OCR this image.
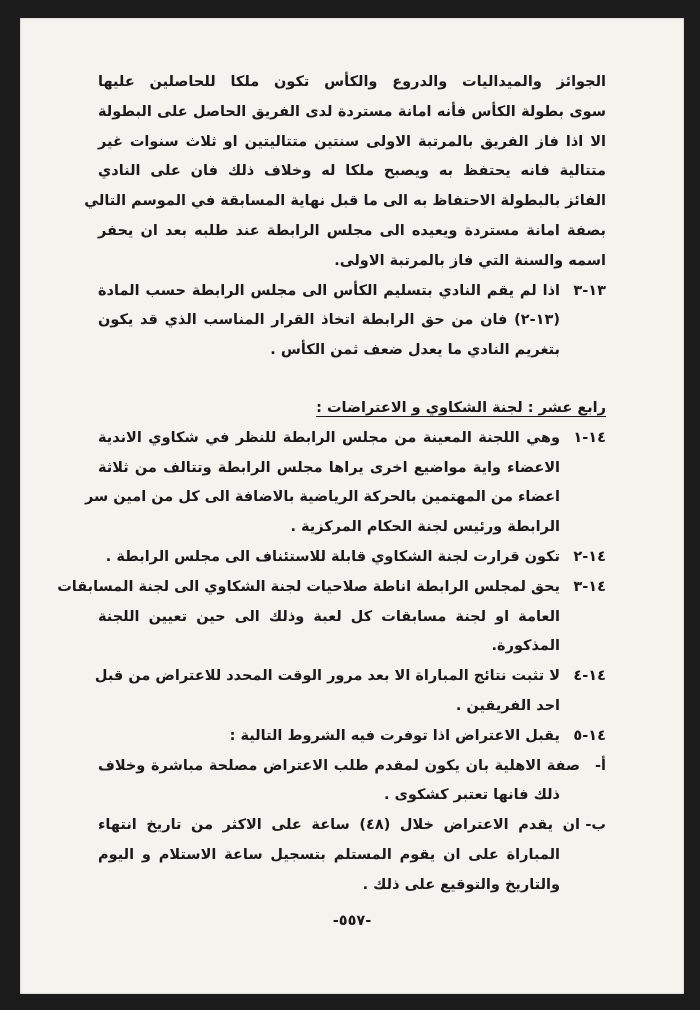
الجوائز والميداليات والدروع والكأس تكون ملكا للحاصلين عليها
سوى بطولة الكأس فأنه امانة مستردة لدى الفريق الحاصل على البطولة
الا اذا فاز الفريق بالمرتبة الاولى سنتين متتاليتين او ثلاث سنوات غير
متتالية فانه يحتفظ به ويصبح ملكا له وخلاف ذلك فان على النادي
الفائز بالبطولة الاحتفاظ به الى ما قبل نهاية المسابقة في الموسم التالي
بصفة امانة مستردة ويعيده الى مجلس الرابطة عند طلبه بعد ان يحفر
اسمه والسنة التي فاز بالمرتبة الاولى.
١٣-٣اذا لم يقم النادي بتسليم الكأس الى مجلس الرابطة حسب المادة
(١٣-٢) فان من حق الرابطة اتخاذ القرار المناسب الذي قد يكون
بتغريم النادي ما يعدل ضعف ثمن الكأس .
رابع عشر : لجنة الشكاوي و الاعتراضات :
١٤-١وهي اللجنة المعينة من مجلس الرابطة للنظر في شكاوي الاندية
الاعضاء واية مواضيع اخرى يراها مجلس الرابطة وتتالف من ثلاثة
اعضاء من المهتمين بالحركة الرياضية بالاضافة الى كل من امين سر
الرابطة ورئيس لجنة الحكام المركزية .
١٤-٢تكون قرارت لجنة الشكاوي قابلة للاستئناف الى مجلس الرابطة .
١٤-٣يحق لمجلس الرابطة اناطة صلاحيات لجنة الشكاوي الى لجنة المسابقات
العامة او لجنة مسابقات كل لعبة وذلك الى حين تعيين اللجنة
المذكورة.
١٤-٤لا تثبت نتائج المباراة الا بعد مرور الوقت المحدد للاعتراض من قبل
احد الفريقين .
١٤-٥يقبل الاعتراض اذا توفرت فيه الشروط التالية :
أ-صفة الاهلية بان يكون لمقدم طلب الاعتراض مصلحة مباشرة وخلاف
ذلك فانها تعتبر كشكوى .
ب-ان يقدم الاعتراض خلال (٤٨) ساعة على الاكثر من تاريخ انتهاء
المباراة على ان يقوم المستلم بتسجيل ساعة الاستلام و اليوم
والتاريخ والتوقيع على ذلك .
-٥٥٧-
